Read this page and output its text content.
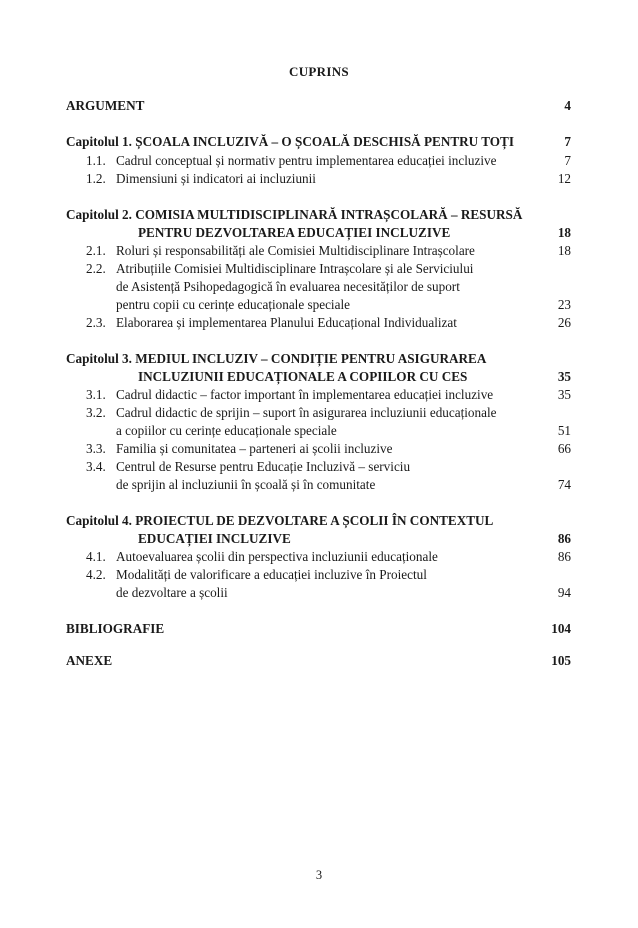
CUPRINS
ARGUMENT	4
Capitolul 1. ȘCOALA INCLUZIVĂ – O ȘCOALĂ DESCHISĂ PENTRU TOȚI	7
1.1. Cadrul conceptual și normativ pentru implementarea educației incluzive	7
1.2. Dimensiuni și indicatori ai incluziunii	12
Capitolul 2. COMISIA MULTIDISCIPLINARĂ INTRAȘCOLARĂ – RESURSĂ
PENTRU DEZVOLTAREA EDUCAȚIEI INCLUZIVE	18
2.1. Roluri și responsabilități ale Comisiei Multidisciplinare Intrașcolare	18
2.2. Atribuțiile Comisiei Multidisciplinare Intrașcolare și ale Serviciului
de Asistență Psihopedagogică în evaluarea necesităților de suport
pentru copii cu cerințe educaționale speciale	23
2.3. Elaborarea și implementarea Planului Educațional Individualizat	26
Capitolul 3. MEDIUL INCLUZIV – CONDIȚIE PENTRU ASIGURAREA
INCLUZIUNII EDUCAȚIONALE A COPIILOR CU CES	35
3.1. Cadrul didactic – factor important în implementarea educației incluzive	35
3.2. Cadrul didactic de sprijin – suport în asigurarea incluziunii educaționale
a copiilor cu cerințe educaționale speciale	51
3.3. Familia și comunitatea – parteneri ai școlii incluzive	66
3.4. Centrul de Resurse pentru Educație Incluzivă – serviciu
de sprijin al incluziunii în școală și în comunitate	74
Capitolul 4. PROIECTUL DE DEZVOLTARE A ȘCOLII ÎN CONTEXTUL
EDUCAȚIEI INCLUZIVE	86
4.1. Autoevaluarea școlii din perspectiva incluziunii educaționale	86
4.2. Modalități de valorificare a educației incluzive în Proiectul
de dezvoltare a școlii	94
BIBLIOGRAFIE	104
ANEXE	105
3
